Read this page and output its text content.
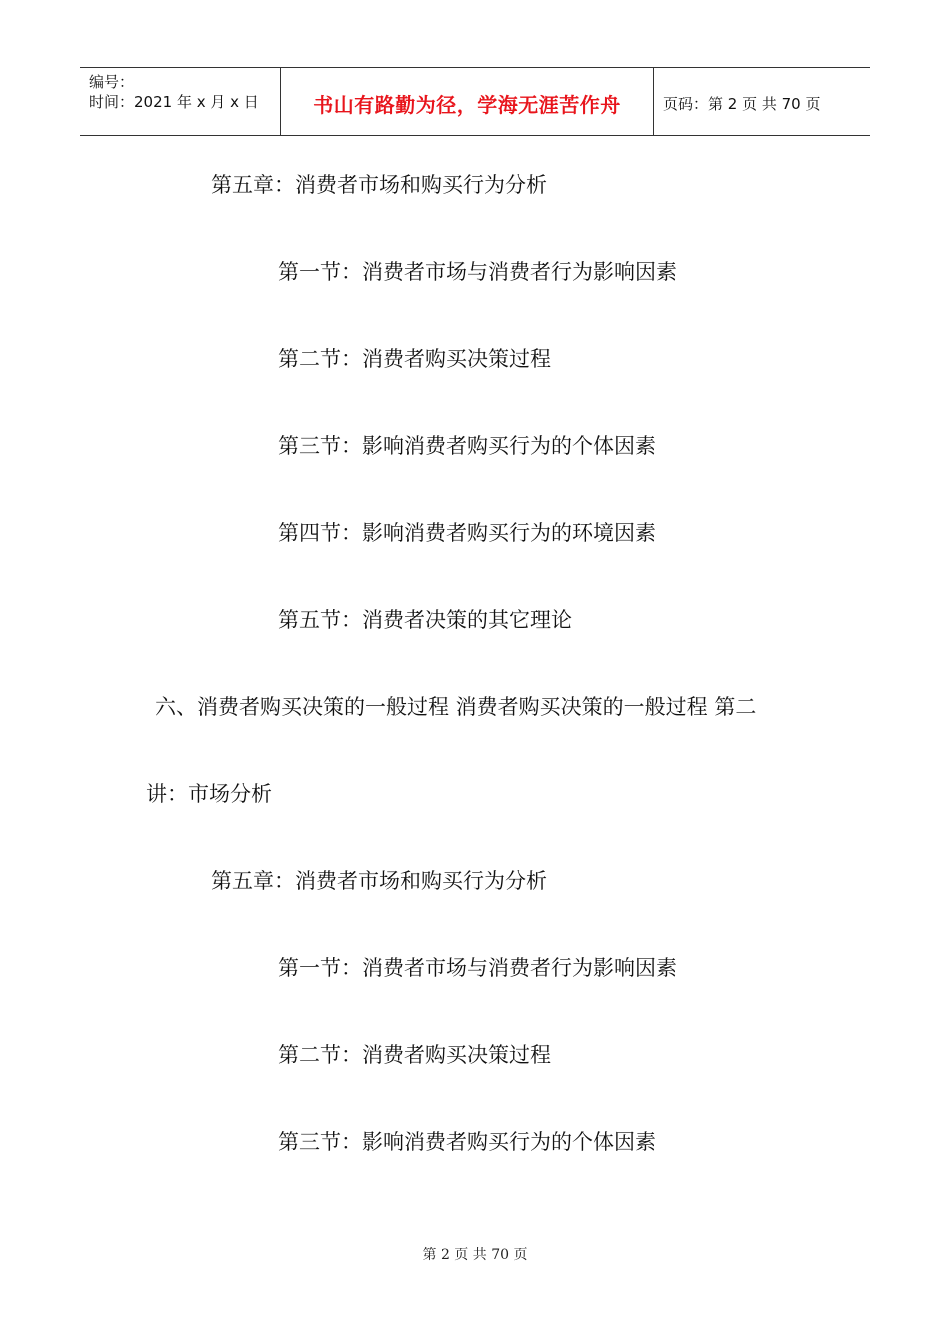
编号：
时间：2021 年 x 月 x 日	书山有路勤为径，学海无涯苦作舟	页码：第 2 页 共 70 页
第五章：消费者市场和购买行为分析
第一节：消费者市场与消费者行为影响因素
第二节：消费者购买决策过程
第三节：影响消费者购买行为的个体因素
第四节：影响消费者购买行为的环境因素
第五节：消费者决策的其它理论
六、消费者购买决策的一般过程 消费者购买决策的一般过程 第二
讲：市场分析
第五章：消费者市场和购买行为分析
第一节：消费者市场与消费者行为影响因素
第二节：消费者购买决策过程
第三节：影响消费者购买行为的个体因素
第 2 页 共 70 页
